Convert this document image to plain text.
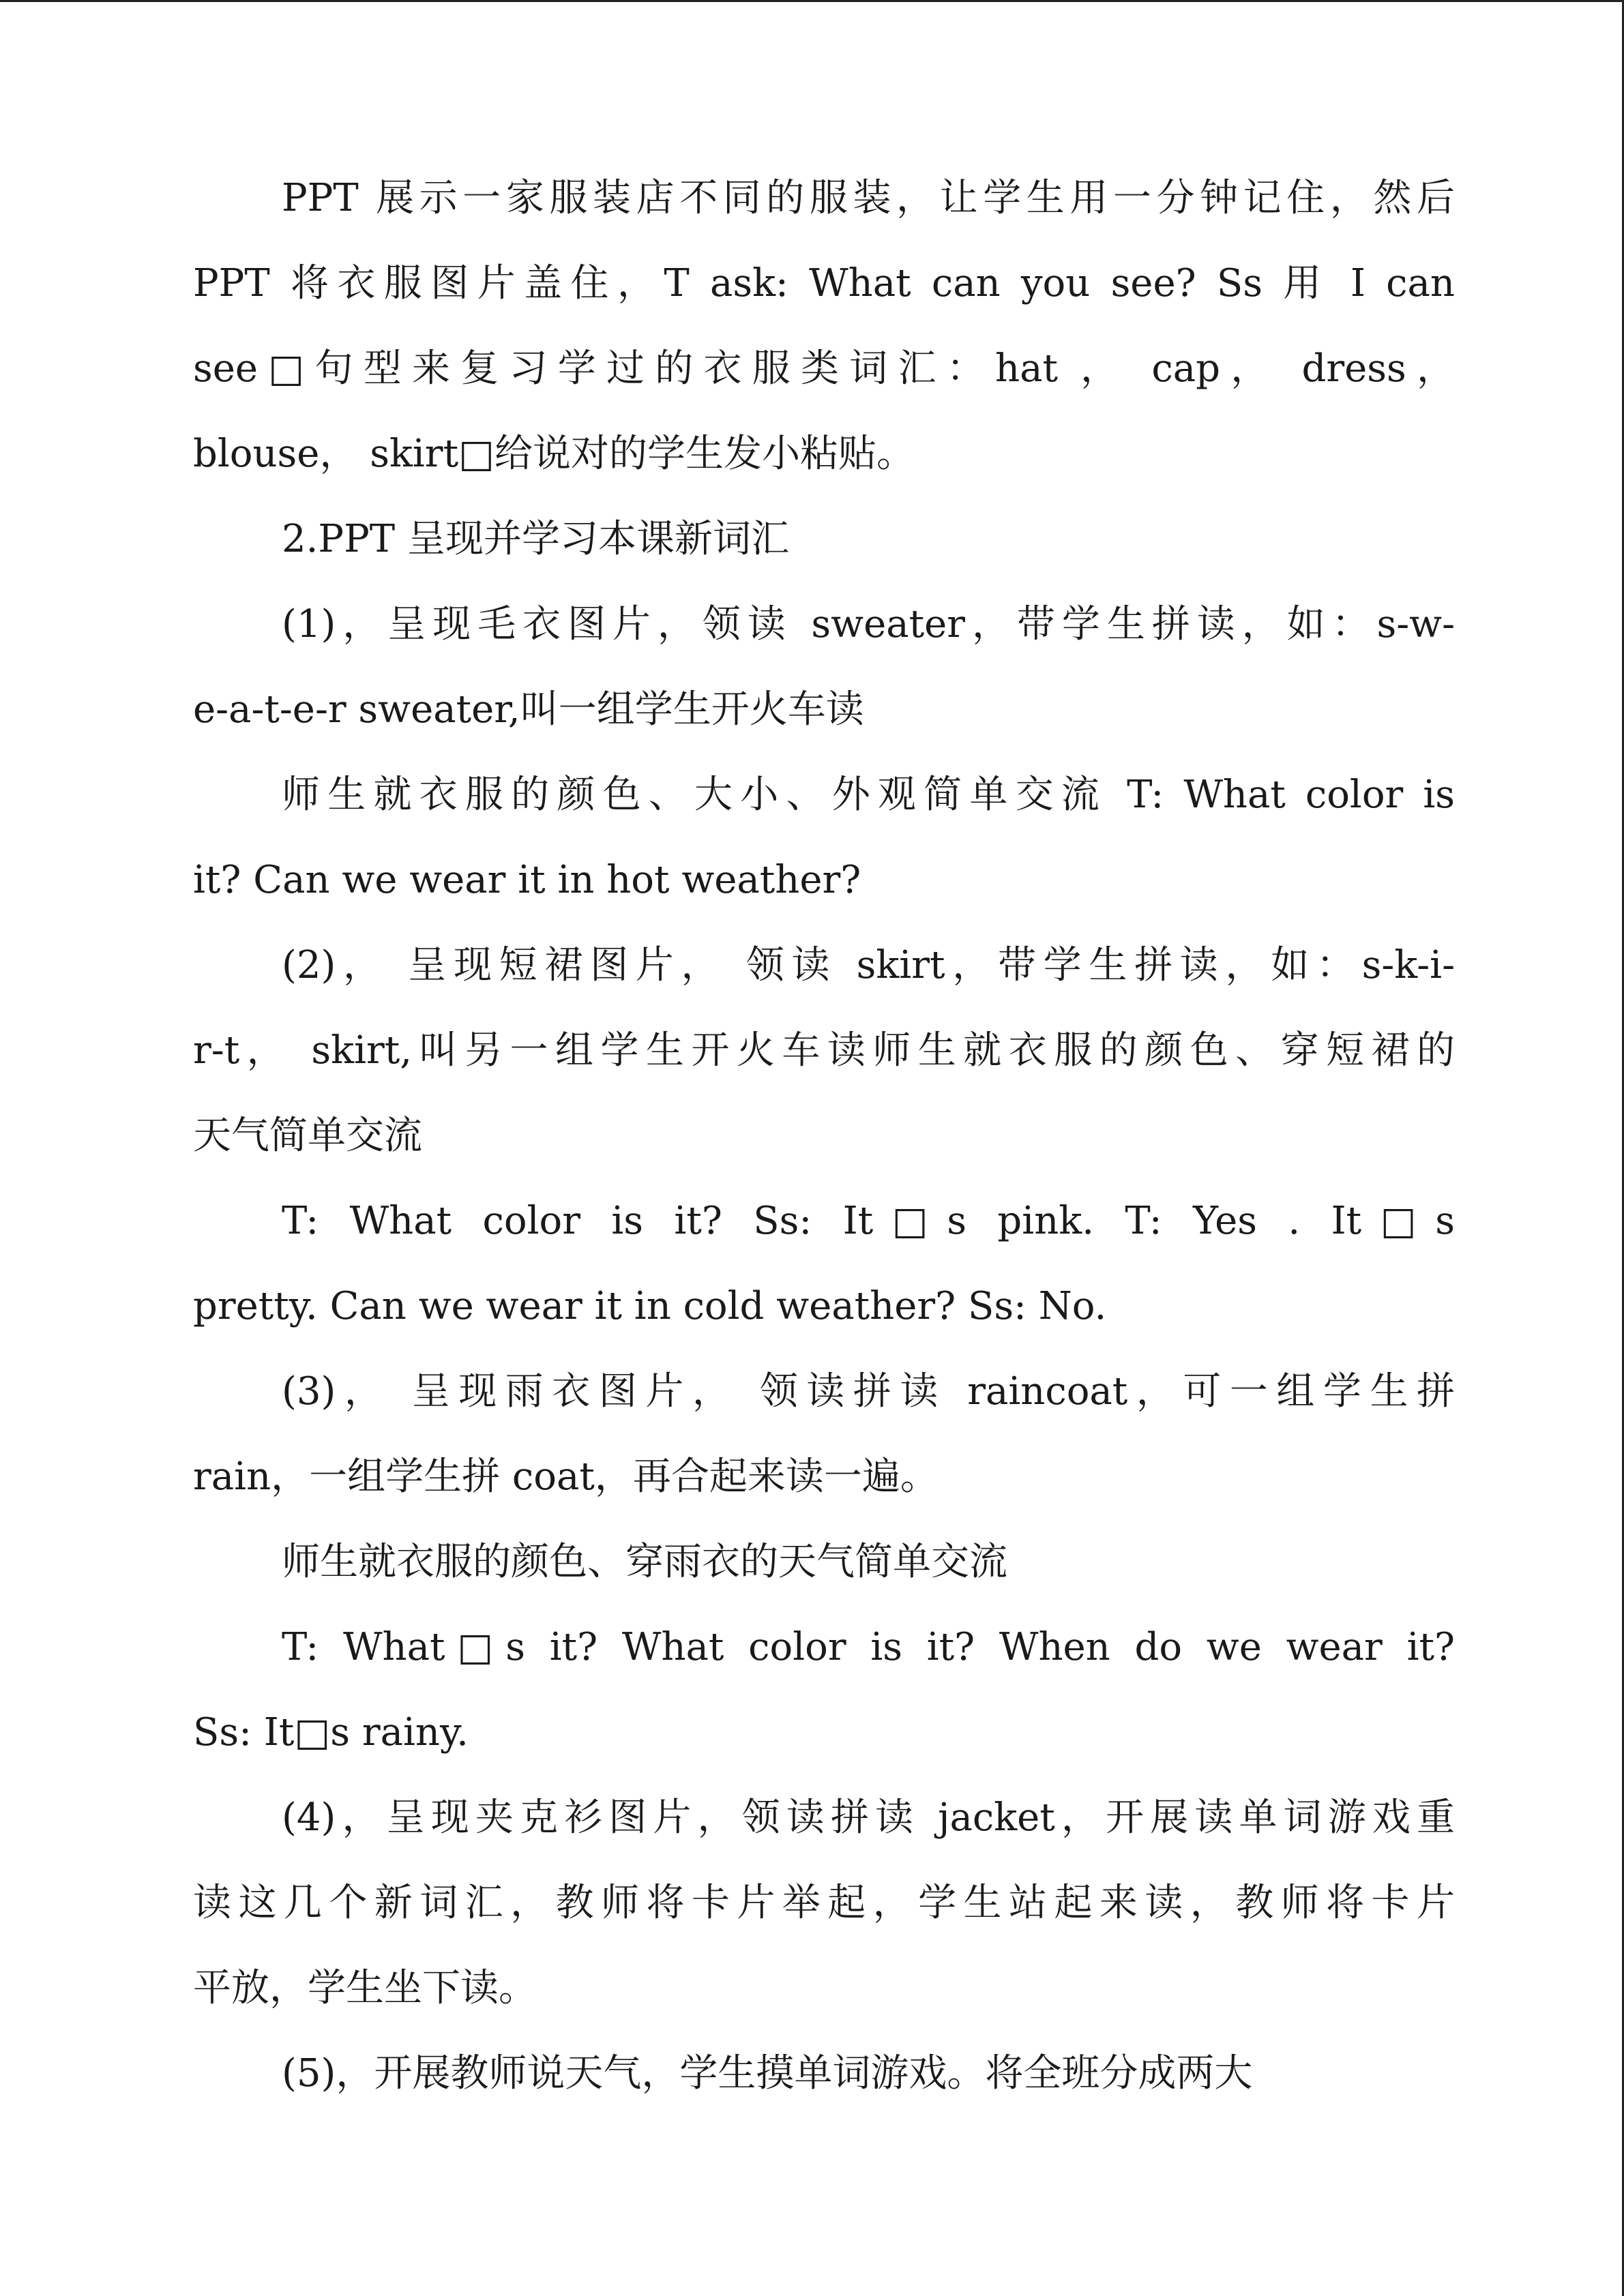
PPT 展示一家服装店不同的服装，让学生用一分钟记住，然后
PPT 将衣服图片盖住，T ask: What can you see? Ss 用 I can
see□句型来复习学过的衣服类词汇：hat ， cap， dress，
blouse， skirt□给说对的学生发小粘贴。
2.PPT 呈现并学习本课新词汇
(1)，呈现毛衣图片，领读 sweater，带学生拼读，如：s-w-
e-a-t-e-r sweater,叫一组学生开火车读
师生就衣服的颜色、大小、外观简单交流 T: What color is
it? Can we wear it in hot weather?
(2)， 呈现短裙图片， 领读 skirt，带学生拼读，如：s-k-i-
r-t， skirt,叫另一组学生开火车读师生就衣服的颜色、穿短裙的
天气简单交流
T: What color is it? Ss: It□s pink. T: Yes . It□s
pretty. Can we wear it in cold weather? Ss: No.
(3)， 呈现雨衣图片， 领读拼读 raincoat，可一组学生拼
rain，一组学生拼 coat，再合起来读一遍。
师生就衣服的颜色、穿雨衣的天气简单交流
T: What□s it? What color is it? When do we wear it?
Ss: It□s rainy.
(4)，呈现夹克衫图片，领读拼读 jacket，开展读单词游戏重
读这几个新词汇，教师将卡片举起，学生站起来读，教师将卡片
平放，学生坐下读。
(5)，开展教师说天气，学生摸单词游戏。将全班分成两大
